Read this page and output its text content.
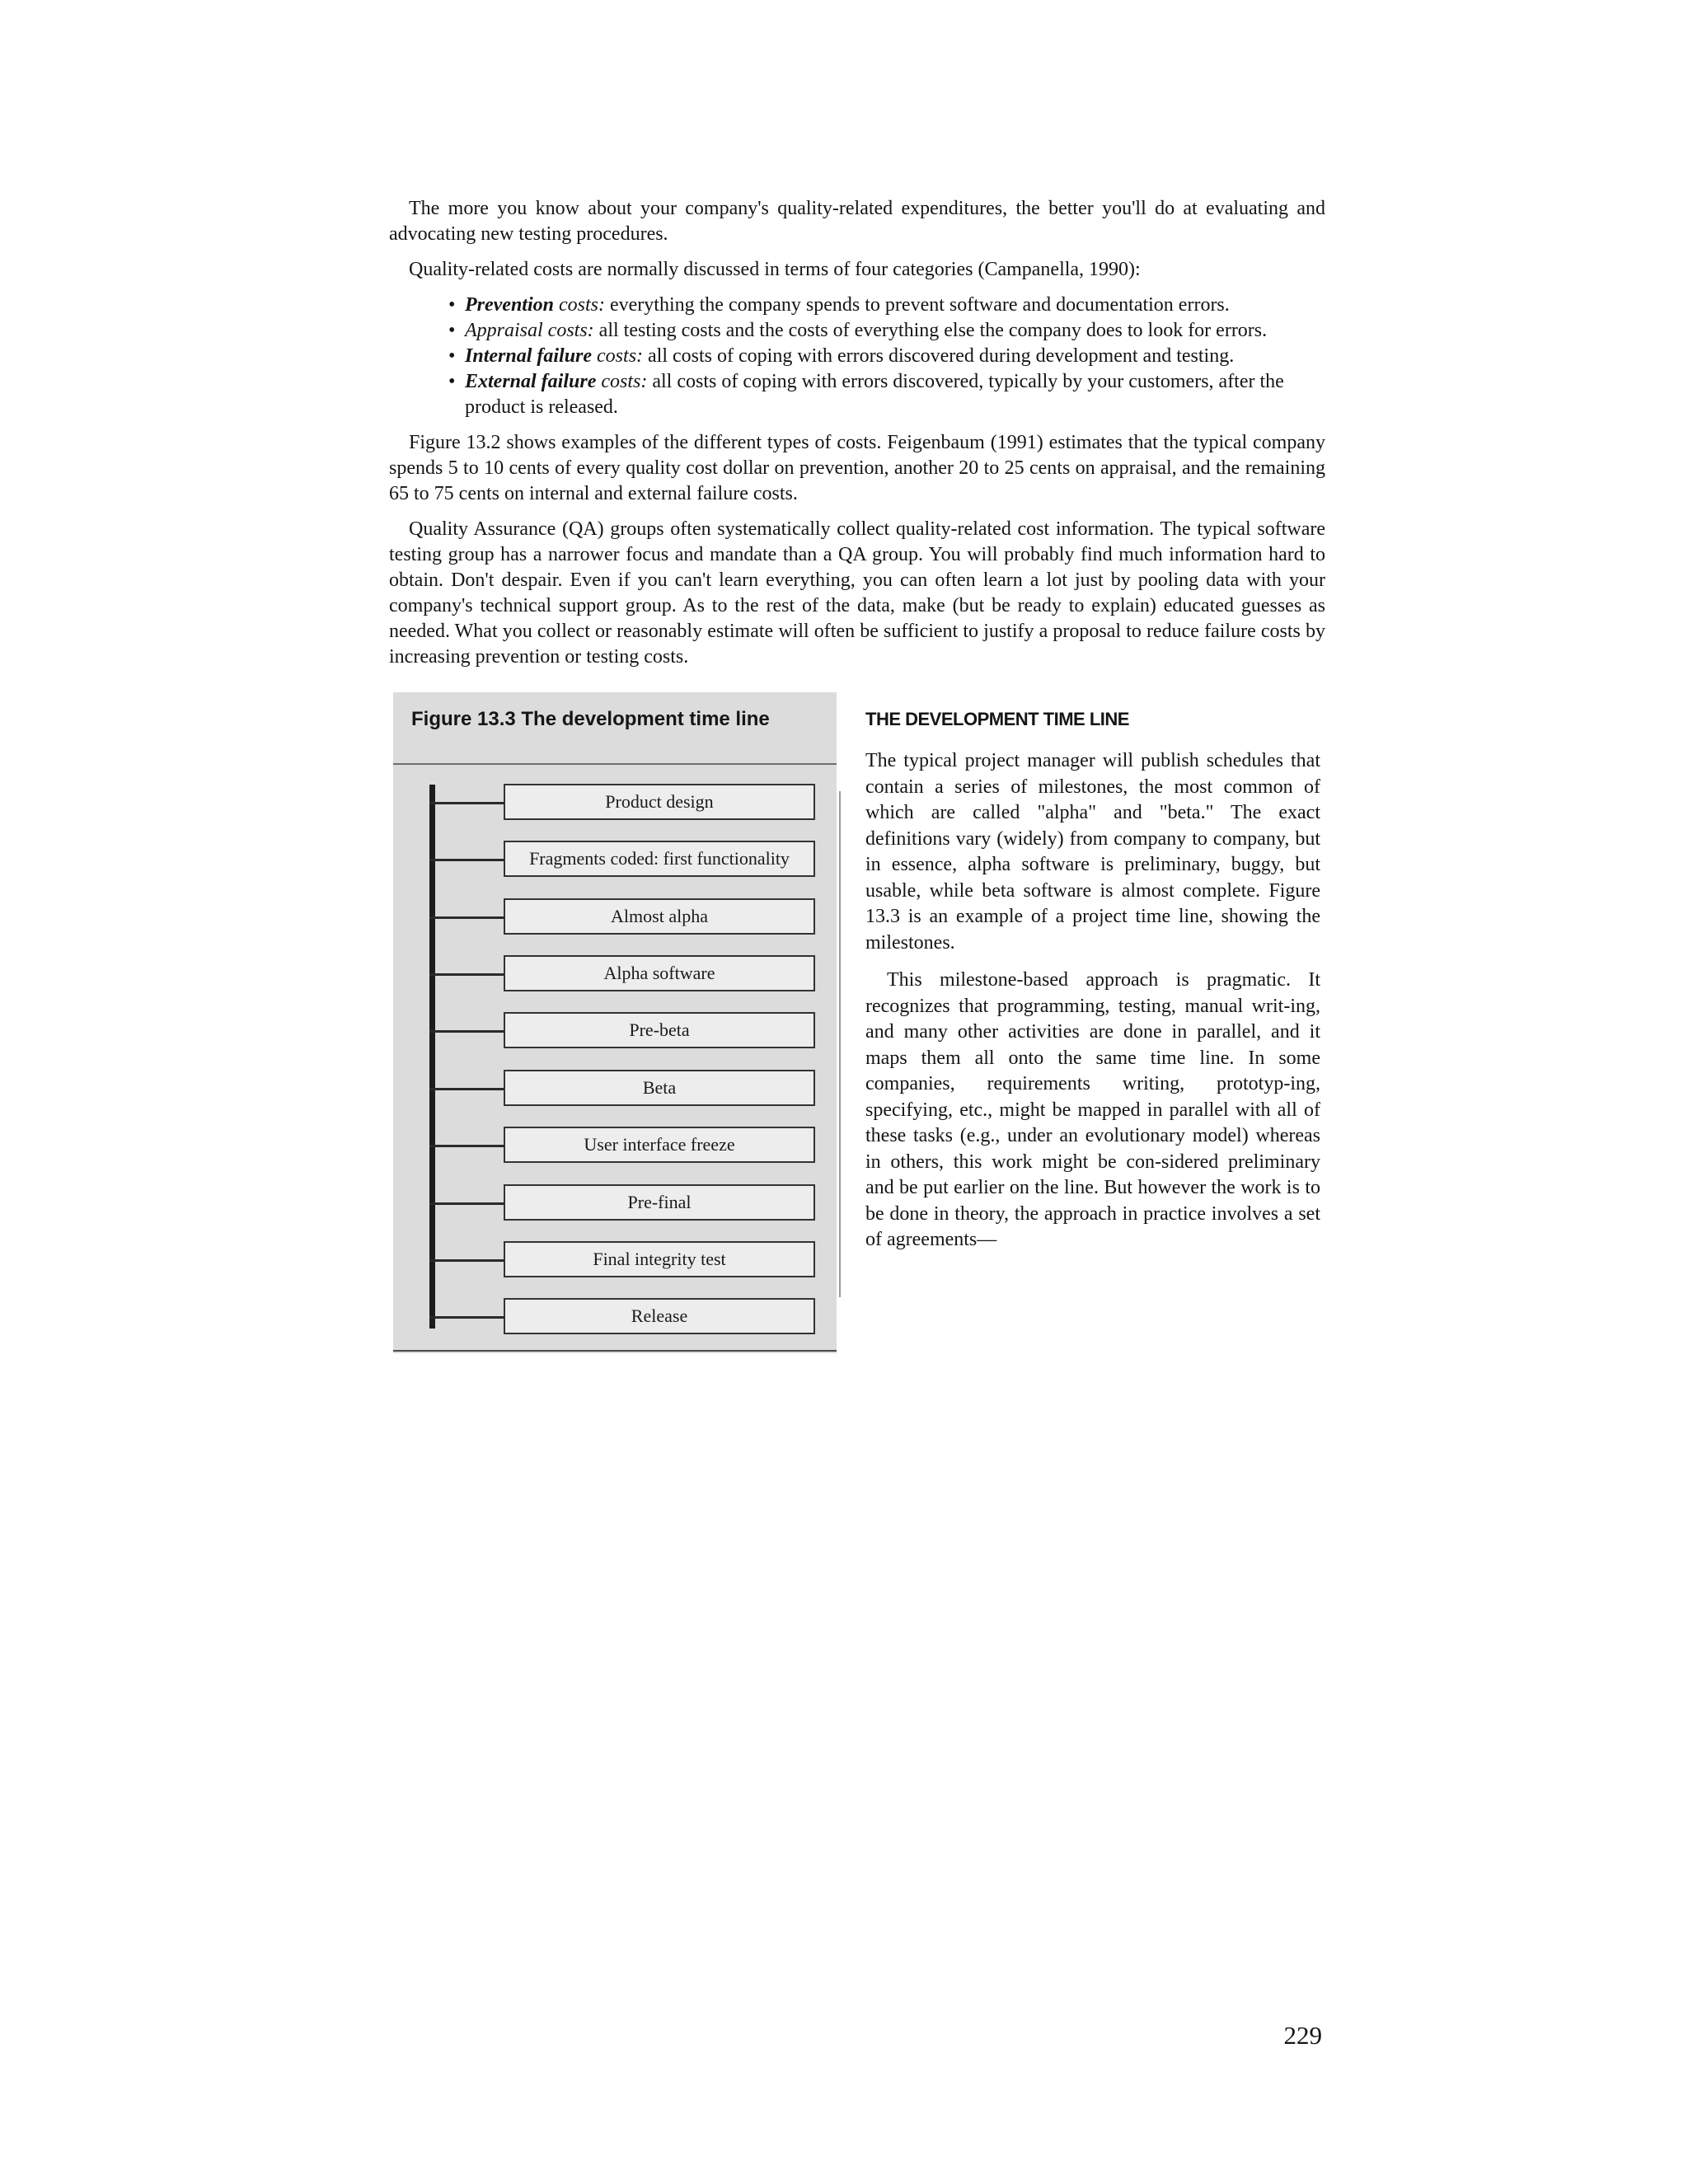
The more you know about your company's quality-related expenditures, the better you'll do at evaluating and advocating new testing procedures.

Quality-related costs are normally discussed in terms of four categories (Campanella, 1990):

• Prevention costs: everything the company spends to prevent software and documentation errors.
• Appraisal costs: all testing costs and the costs of everything else the company does to look for errors.
• Internal failure costs: all costs of coping with errors discovered during development and testing.
• External failure costs: all costs of coping with errors discovered, typically by your customers, after the product is released.

Figure 13.2 shows examples of the different types of costs. Feigenbaum (1991) estimates that the typical company spends 5 to 10 cents of every quality cost dollar on prevention, another 20 to 25 cents on appraisal, and the remaining 65 to 75 cents on internal and external failure costs.

Quality Assurance (QA) groups often systematically collect quality-related cost information. The typical software testing group has a narrower focus and mandate than a QA group. You will probably find much information hard to obtain. Don't despair. Even if you can't learn everything, you can often learn a lot just by pooling data with your company's technical support group. As to the rest of the data, make (but be ready to explain) educated guesses as needed. What you collect or reasonably estimate will often be sufficient to justify a proposal to reduce failure costs by increasing prevention or testing costs.

Figure 13.3 The development time line

Product design
Fragments coded: first functionality
Almost alpha
Alpha software
Pre-beta
Beta
User interface freeze
Pre-final
Final integrity test
Release
THE DEVELOPMENT TIME LINE

The typical project manager will publish schedules that contain a series of milestones, the most common of which are called "alpha" and "beta." The exact definitions vary (widely) from company to company, but in essence, alpha software is preliminary, buggy, but usable, while beta software is almost complete. Figure 13.3 is an example of a project time line, showing the milestones.

This milestone-based approach is pragmatic. It recognizes that programming, testing, manual writ-ing, and many other activities are done in parallel, and it maps them all onto the same time line. In some companies, requirements writing, prototyp-ing, specifying, etc., might be mapped in parallel with all of these tasks (e.g., under an evolutionary model) whereas in others, this work might be con-sidered preliminary and be put earlier on the line. But however the work is to be done in theory, the approach in practice involves a set of agreements—

229
